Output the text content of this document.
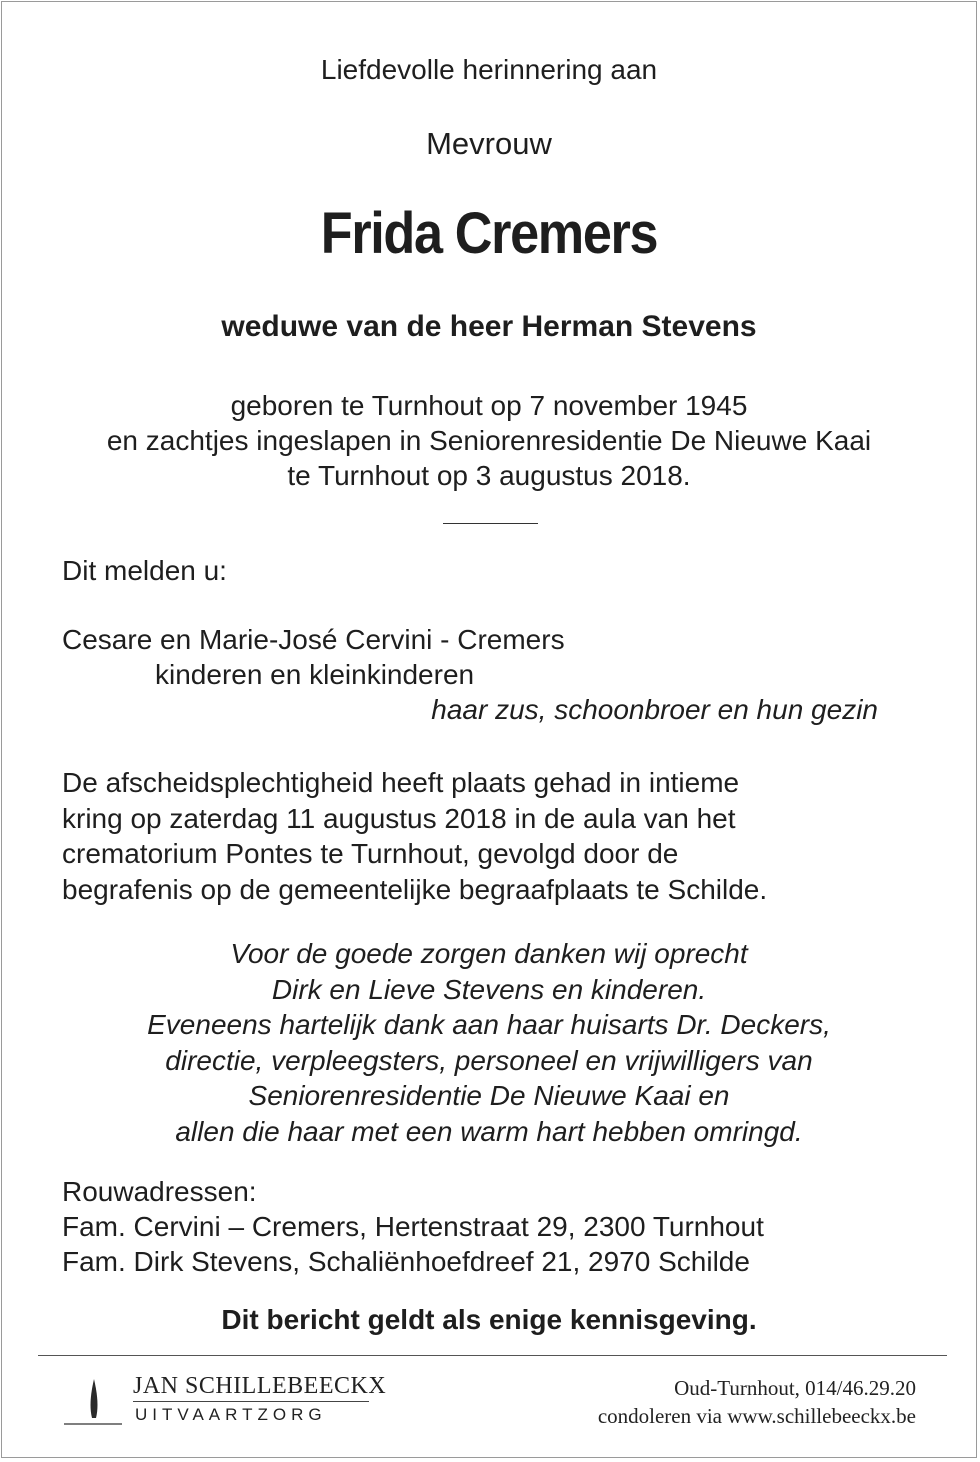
Liefdevolle herinnering aan
Mevrouw
Frida Cremers
weduwe van de heer Herman Stevens
geboren te Turnhout op 7 november 1945
en zachtjes ingeslapen in Seniorenresidentie De Nieuwe Kaai
te Turnhout op 3 augustus 2018.
Dit melden u:
Cesare en Marie-José Cervini - Cremers
kinderen en kleinkinderen
haar zus, schoonbroer en hun gezin
De afscheidsplechtigheid heeft plaats gehad in intieme
kring op zaterdag 11 augustus 2018 in de aula van het
crematorium Pontes te Turnhout, gevolgd door de
begrafenis op de gemeentelijke begraafplaats te Schilde.
Voor de goede zorgen danken wij oprecht
Dirk en Lieve Stevens en kinderen.
Eveneens hartelijk dank aan haar huisarts Dr. Deckers,
directie, verpleegsters, personeel en vrijwilligers van
Seniorenresidentie De Nieuwe Kaai en
allen die haar met een warm hart hebben omringd.
Rouwadressen:
Fam. Cervini – Cremers, Hertenstraat 29, 2300 Turnhout
Fam. Dirk Stevens, Schaliënhoefdreef 21, 2970 Schilde
Dit bericht geldt als enige kennisgeving.
JAN SCHILLEBEECKX
UITVAARTZORG
Oud-Turnhout, 014/46.29.20
condoleren via www.schillebeeckx.be
